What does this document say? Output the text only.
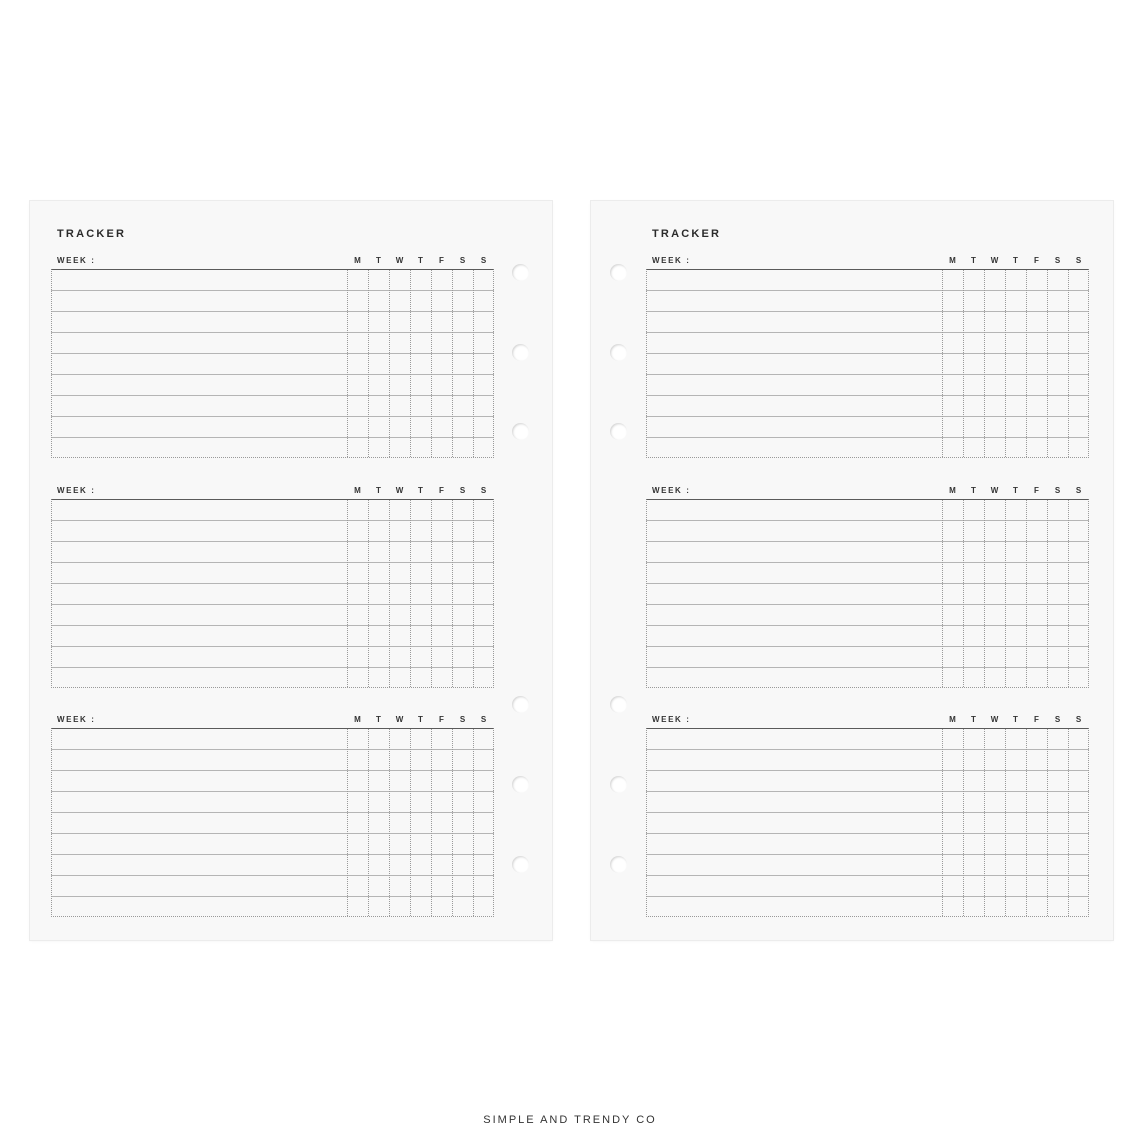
TRACKER
WEEK :	M	T	W	T	F	S	S
WEEK :	M	T	W	T	F	S	S
WEEK :	M	T	W	T	F	S	S
TRACKER
WEEK :	M	T	W	T	F	S	S
WEEK :	M	T	W	T	F	S	S
WEEK :	M	T	W	T	F	S	S
SIMPLE AND TRENDY CO
